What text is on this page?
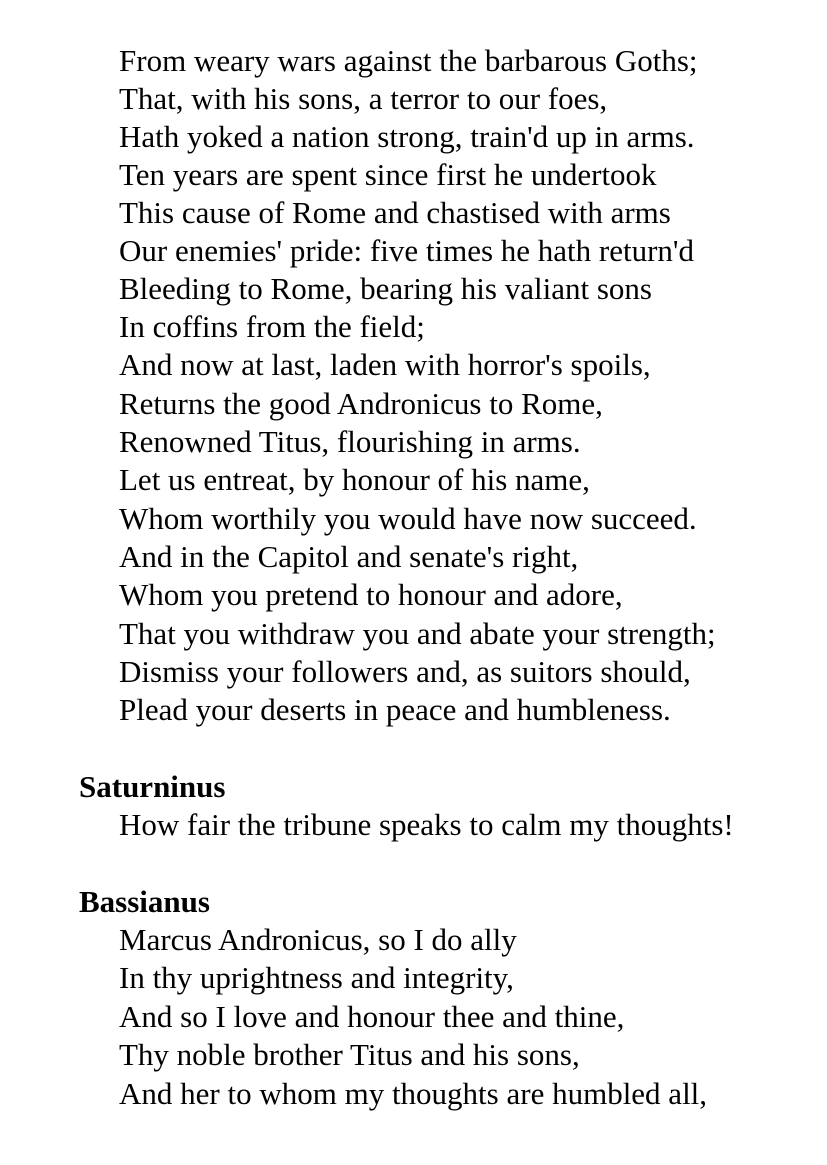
From weary wars against the barbarous Goths;
That, with his sons, a terror to our foes,
Hath yoked a nation strong, train'd up in arms.
Ten years are spent since first he undertook
This cause of Rome and chastised with arms
Our enemies' pride: five times he hath return'd
Bleeding to Rome, bearing his valiant sons
In coffins from the field;
And now at last, laden with horror's spoils,
Returns the good Andronicus to Rome,
Renowned Titus, flourishing in arms.
Let us entreat, by honour of his name,
Whom worthily you would have now succeed.
And in the Capitol and senate's right,
Whom you pretend to honour and adore,
That you withdraw you and abate your strength;
Dismiss your followers and, as suitors should,
Plead your deserts in peace and humbleness.
Saturninus
How fair the tribune speaks to calm my thoughts!
Bassianus
Marcus Andronicus, so I do ally
In thy uprightness and integrity,
And so I love and honour thee and thine,
Thy noble brother Titus and his sons,
And her to whom my thoughts are humbled all,
